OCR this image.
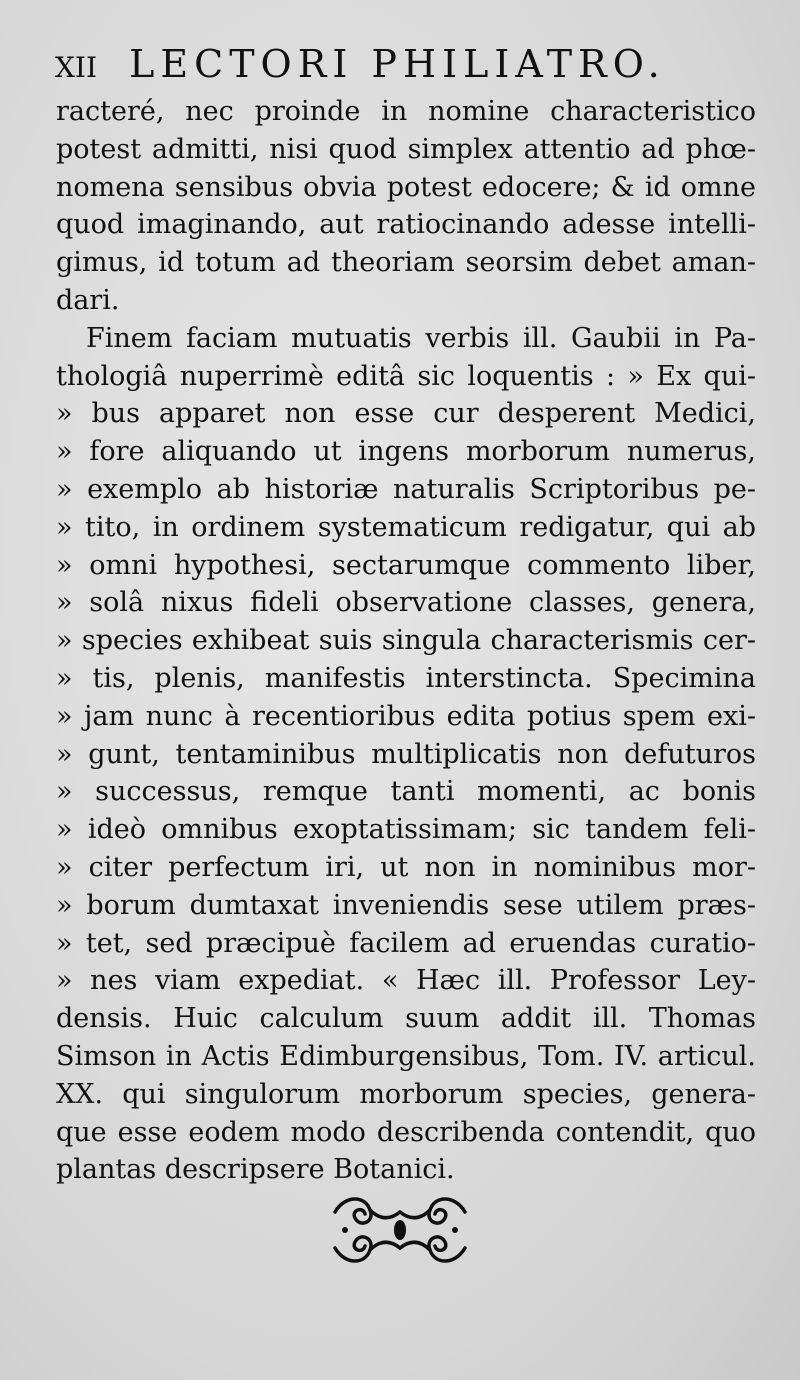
XII LECTORI PHILIATRO.
racteré, nec proinde in nomine characteristico
potest admitti, nisi quod simplex attentio ad phœ-
nomena sensibus obvia potest edocere; & id omne
quod imaginando, aut ratiocinando adesse intelli-
gimus, id totum ad theoriam seorsim debet aman-
dari.
Finem faciam mutuatis verbis ill. Gaubii in Pa-
thologiâ nuperrimè editâ sic loquentis : » Ex qui-
» bus apparet non esse cur desperent Medici,
» fore aliquando ut ingens morborum numerus,
» exemplo ab historiæ naturalis Scriptoribus pe-
» tito, in ordinem systematicum redigatur, qui ab
» omni hypothesi, sectarumque commento liber,
» solâ nixus fideli observatione classes, genera,
» species exhibeat suis singula characterismis cer-
» tis, plenis, manifestis interstincta. Specimina
» jam nunc à recentioribus edita potius spem exi-
» gunt, tentaminibus multiplicatis non defuturos
» successus, remque tanti momenti, ac bonis
» ideò omnibus exoptatissimam; sic tandem feli-
» citer perfectum iri, ut non in nominibus mor-
» borum dumtaxat inveniendis sese utilem præs-
» tet, sed præcipuè facilem ad eruendas curatio-
» nes viam expediat. « Hæc ill. Professor Ley-
densis. Huic calculum suum addit ill. Thomas
Simson in Actis Edimburgensibus, Tom. IV. articul.
XX. qui singulorum morborum species, genera-
que esse eodem modo describenda contendit, quo
plantas descripsere Botanici.
